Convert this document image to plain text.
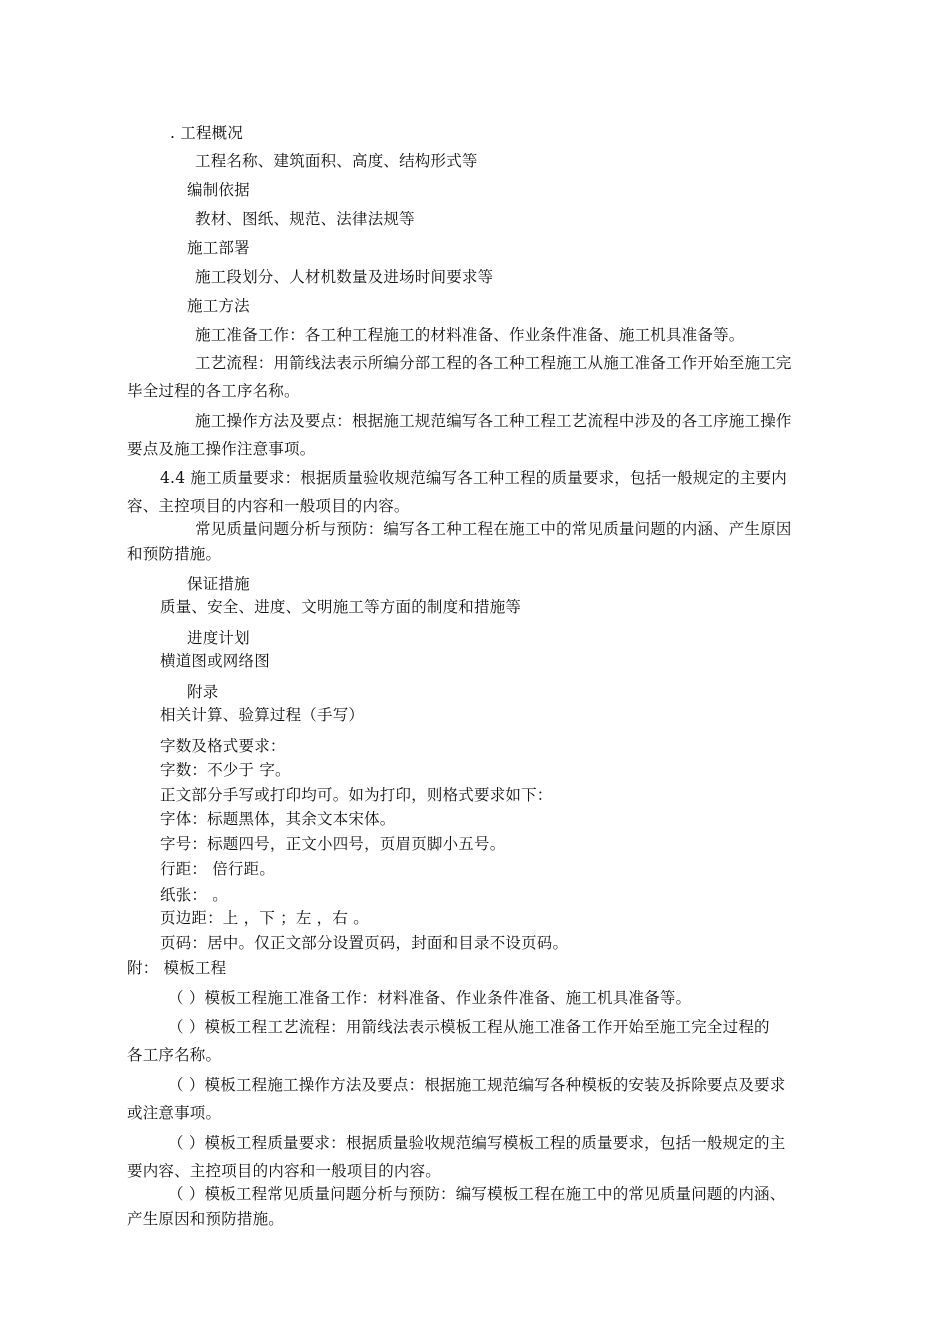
. 工程概况
工程名称、建筑面积、高度、结构形式等
编制依据
教材、图纸、规范、法律法规等
施工部署
施工段划分、人材机数量及进场时间要求等
施工方法
施工准备工作：各工种工程施工的材料准备、作业条件准备、施工机具准备等。
工艺流程：用箭线法表示所编分部工程的各工种工程施工从施工准备工作开始至施工完
毕全过程的各工序名称。
施工操作方法及要点：根据施工规范编写各工种工程工艺流程中涉及的各工序施工操作
要点及施工操作注意事项。
4.4 施工质量要求：根据质量验收规范编写各工种工程的质量要求，包括一般规定的主要内
容、主控项目的内容和一般项目的内容。
常见质量问题分析与预防：编写各工种工程在施工中的常见质量问题的内涵、产生原因
和预防措施。
保证措施
质量、安全、进度、文明施工等方面的制度和措施等
进度计划
横道图或网络图
附录
相关计算、验算过程（手写）
字数及格式要求：
字数：不少于 字。
正文部分手写或打印均可。如为打印，则格式要求如下：
字体：标题黑体，其余文本宋体。
字号：标题四号，正文小四号，页眉页脚小五号。
行距： 倍行距。
纸张： 。
页边距：上 ，下 ；左 ，右 。
页码：居中。仅正文部分设置页码，封面和目录不设页码。
附： 模板工程
（ ）模板工程施工准备工作：材料准备、作业条件准备、施工机具准备等。
（ ）模板工程工艺流程：用箭线法表示模板工程从施工准备工作开始至施工完全过程的
各工序名称。
（ ）模板工程施工操作方法及要点：根据施工规范编写各种模板的安装及拆除要点及要求
或注意事项。
（ ）模板工程质量要求：根据质量验收规范编写模板工程的质量要求，包括一般规定的主
要内容、主控项目的内容和一般项目的内容。
（ ）模板工程常见质量问题分析与预防：编写模板工程在施工中的常见质量问题的内涵、
产生原因和预防措施。
